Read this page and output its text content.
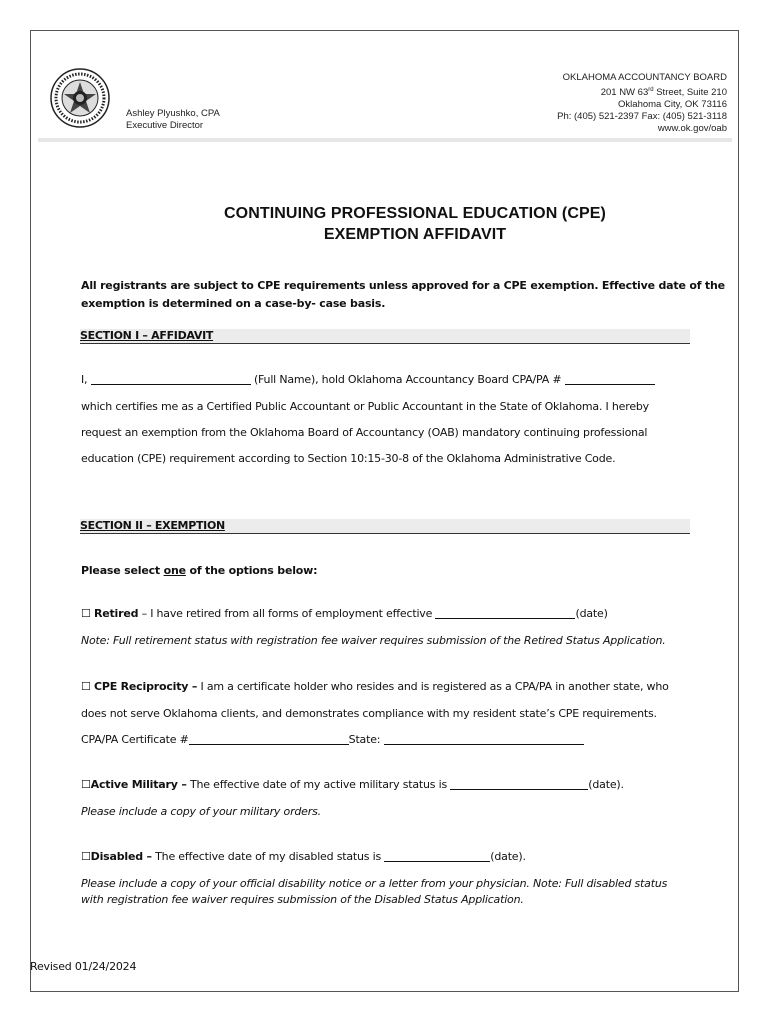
Ashley Plyushko, CPA
Executive Director
OKLAHOMA ACCOUNTANCY BOARD
201 NW 63rd Street, Suite 210
Oklahoma City, OK 73116
Ph: (405) 521-2397 Fax: (405) 521-3118
www.ok.gov/oab
CONTINUING PROFESSIONAL EDUCATION (CPE)
EXEMPTION AFFIDAVIT
All registrants are subject to CPE requirements unless approved for a CPE exemption. Effective date of the
exemption is determined on a case-by- case basis.
SECTION I – AFFIDAVIT
I,	(Full Name), hold Oklahoma Accountancy Board CPA/PA #
which certifies me as a Certified Public Accountant or Public Accountant in the State of Oklahoma. I hereby
request an exemption from the Oklahoma Board of Accountancy (OAB) mandatory continuing professional
education (CPE) requirement according to Section 10:15-30-8 of the Oklahoma Administrative Code.
SECTION II – EXEMPTION
Please select one of the options below:
☐ Retired – I have retired from all forms of employment effective	(date)
Note: Full retirement status with registration fee waiver requires submission of the Retired Status Application.
☐ CPE Reciprocity – I am a certificate holder who resides and is registered as a CPA/PA in another state, who
does not serve Oklahoma clients, and demonstrates compliance with my resident state’s CPE requirements.
CPA/PA Certificate #	State:
☐Active Military – The effective date of my active military status is	(date).
Please include a copy of your military orders.
☐Disabled – The effective date of my disabled status is	(date).
Please include a copy of your official disability notice or a letter from your physician. Note: Full disabled status
with registration fee waiver requires submission of the Disabled Status Application.
Revised 01/24/2024
